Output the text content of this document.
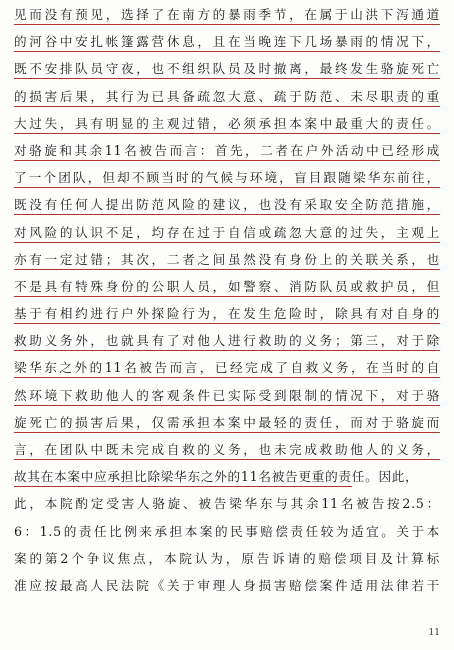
见而没有预见，选择了在南方的暴雨季节，在属于山洪下泻通道
的河谷中安扎帐篷露营休息，且在当晚连下几场暴雨的情况下，
既不安排队员守夜，也不组织队员及时撤离，最终发生骆旋死亡
的损害后果，其行为已具备疏忽大意、疏于防范、未尽职责的重
大过失，具有明显的主观过错，必须承担本案中最重大的责任。
对骆旋和其余11名被告而言：首先，二者在户外活动中已经形成
了一个团队，但却不顾当时的气候与环境，盲目跟随梁华东前往，
既没有任何人提出防范风险的建议，也没有采取安全防范措施，
对风险的认识不足，均存在过于自信或疏忽大意的过失，主观上
亦有一定过错；其次，二者之间虽然没有身份上的关联关系，也
不是具有特殊身份的公职人员，如警察、消防队员或救护员，但
基于有相约进行户外探险行为，在发生危险时，除具有对自身的
救助义务外，也就具有了对他人进行救助的义务；第三，对于除
梁华东之外的11名被告而言，已经完成了自救义务，在当时的自
然环境下救助他人的客观条件已实际受到限制的情况下，对于骆
旋死亡的损害后果，仅需承担本案中最轻的责任，而对于骆旋而
言，在团队中既未完成自救的义务，也未完成救助他人的义务，
故其在本案中应承担比除梁华东之外的11名被告更重的责任。因此，
此，本院酌定受害人骆旋、被告梁华东与其余11名被告按2.5：
6：1.5的责任比例来承担本案的民事赔偿责任较为适宜。关于本
案的第2个争议焦点，本院认为，原告诉请的赔偿项目及计算标
准应按最高人民法院《关于审理人身损害赔偿案件适用法律若干
11
